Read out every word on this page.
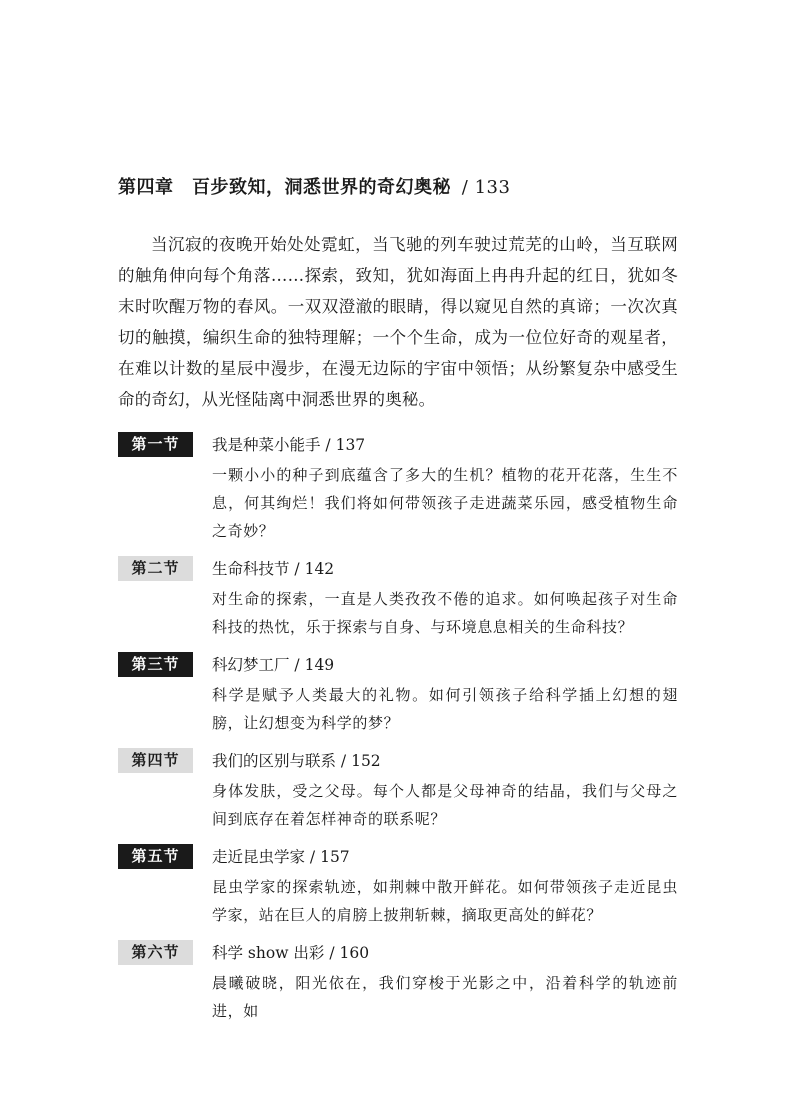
第四章　百步致知，洞悉世界的奇幻奥秘 / 133
当沉寂的夜晚开始处处霓虹，当飞驰的列车驶过荒芜的山岭，当互联网的触角伸向每个角落……探索，致知，犹如海面上冉冉升起的红日，犹如冬末时吹醒万物的春风。一双双澄澈的眼睛，得以窥见自然的真谛；一次次真切的触摸，编织生命的独特理解；一个个生命，成为一位位好奇的观星者，在难以计数的星辰中漫步，在漫无边际的宇宙中领悟；从纷繁复杂中感受生命的奇幻，从光怪陆离中洞悉世界的奥秘。
第一节	我是种菜小能手 / 137
一颗小小的种子到底蕴含了多大的生机？植物的花开花落，生生不息，何其绚烂！我们将如何带领孩子走进蔬菜乐园，感受植物生命之奇妙？
第二节	生命科技节 / 142
对生命的探索，一直是人类孜孜不倦的追求。如何唤起孩子对生命科技的热忱，乐于探索与自身、与环境息息相关的生命科技？
第三节	科幻梦工厂 / 149
科学是赋予人类最大的礼物。如何引领孩子给科学插上幻想的翅膀，让幻想变为科学的梦？
第四节	我们的区别与联系 / 152
身体发肤，受之父母。每个人都是父母神奇的结晶，我们与父母之间到底存在着怎样神奇的联系呢？
第五节	走近昆虫学家 / 157
昆虫学家的探索轨迹，如荆棘中散开鲜花。如何带领孩子走近昆虫学家，站在巨人的肩膀上披荆斩棘，摘取更高处的鲜花？
第六节	科学 show 出彩 / 160
晨曦破晓，阳光依在，我们穿梭于光影之中，沿着科学的轨迹前进，如
